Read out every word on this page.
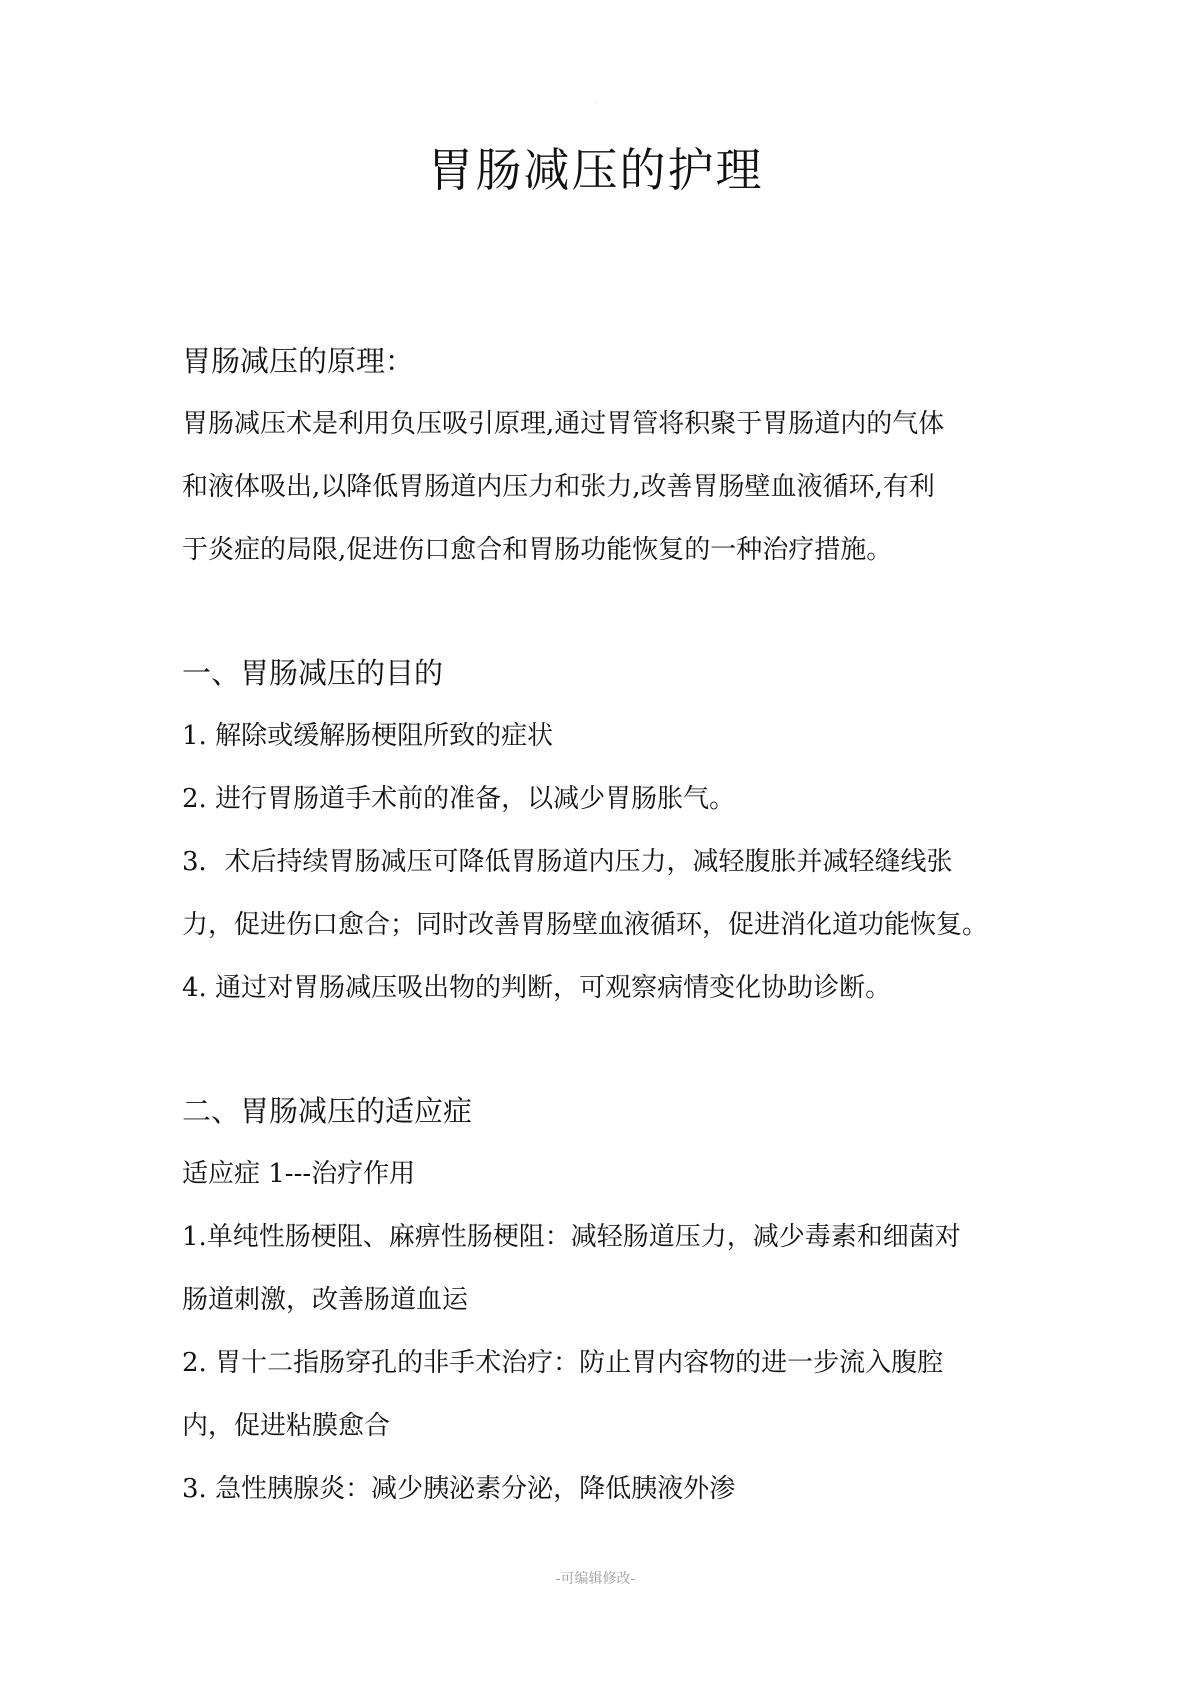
.
胃肠减压的护理

胃肠减压的原理：

胃肠减压术是利用负压吸引原理,通过胃管将积聚于胃肠道内的气体

和液体吸出,以降低胃肠道内压力和张力,改善胃肠壁血液循环,有利

于炎症的局限,促进伤口愈合和胃肠功能恢复的一种治疗措施。

一、胃肠减压的目的

1. 解除或缓解肠梗阻所致的症状

2. 进行胃肠道手术前的准备，以减少胃肠胀气。

3．术后持续胃肠减压可降低胃肠道内压力，减轻腹胀并减轻缝线张

力，促进伤口愈合；同时改善胃肠壁血液循环，促进消化道功能恢复。

4. 通过对胃肠减压吸出物的判断，可观察病情变化协助诊断。

二、胃肠减压的适应症

适应症 1---治疗作用

1.单纯性肠梗阻、麻痹性肠梗阻：减轻肠道压力，减少毒素和细菌对

肠道刺激，改善肠道血运

2. 胃十二指肠穿孔的非手术治疗：防止胃内容物的进一步流入腹腔

内，促进粘膜愈合

3. 急性胰腺炎：减少胰泌素分泌，降低胰液外渗

-可编辑修改-
